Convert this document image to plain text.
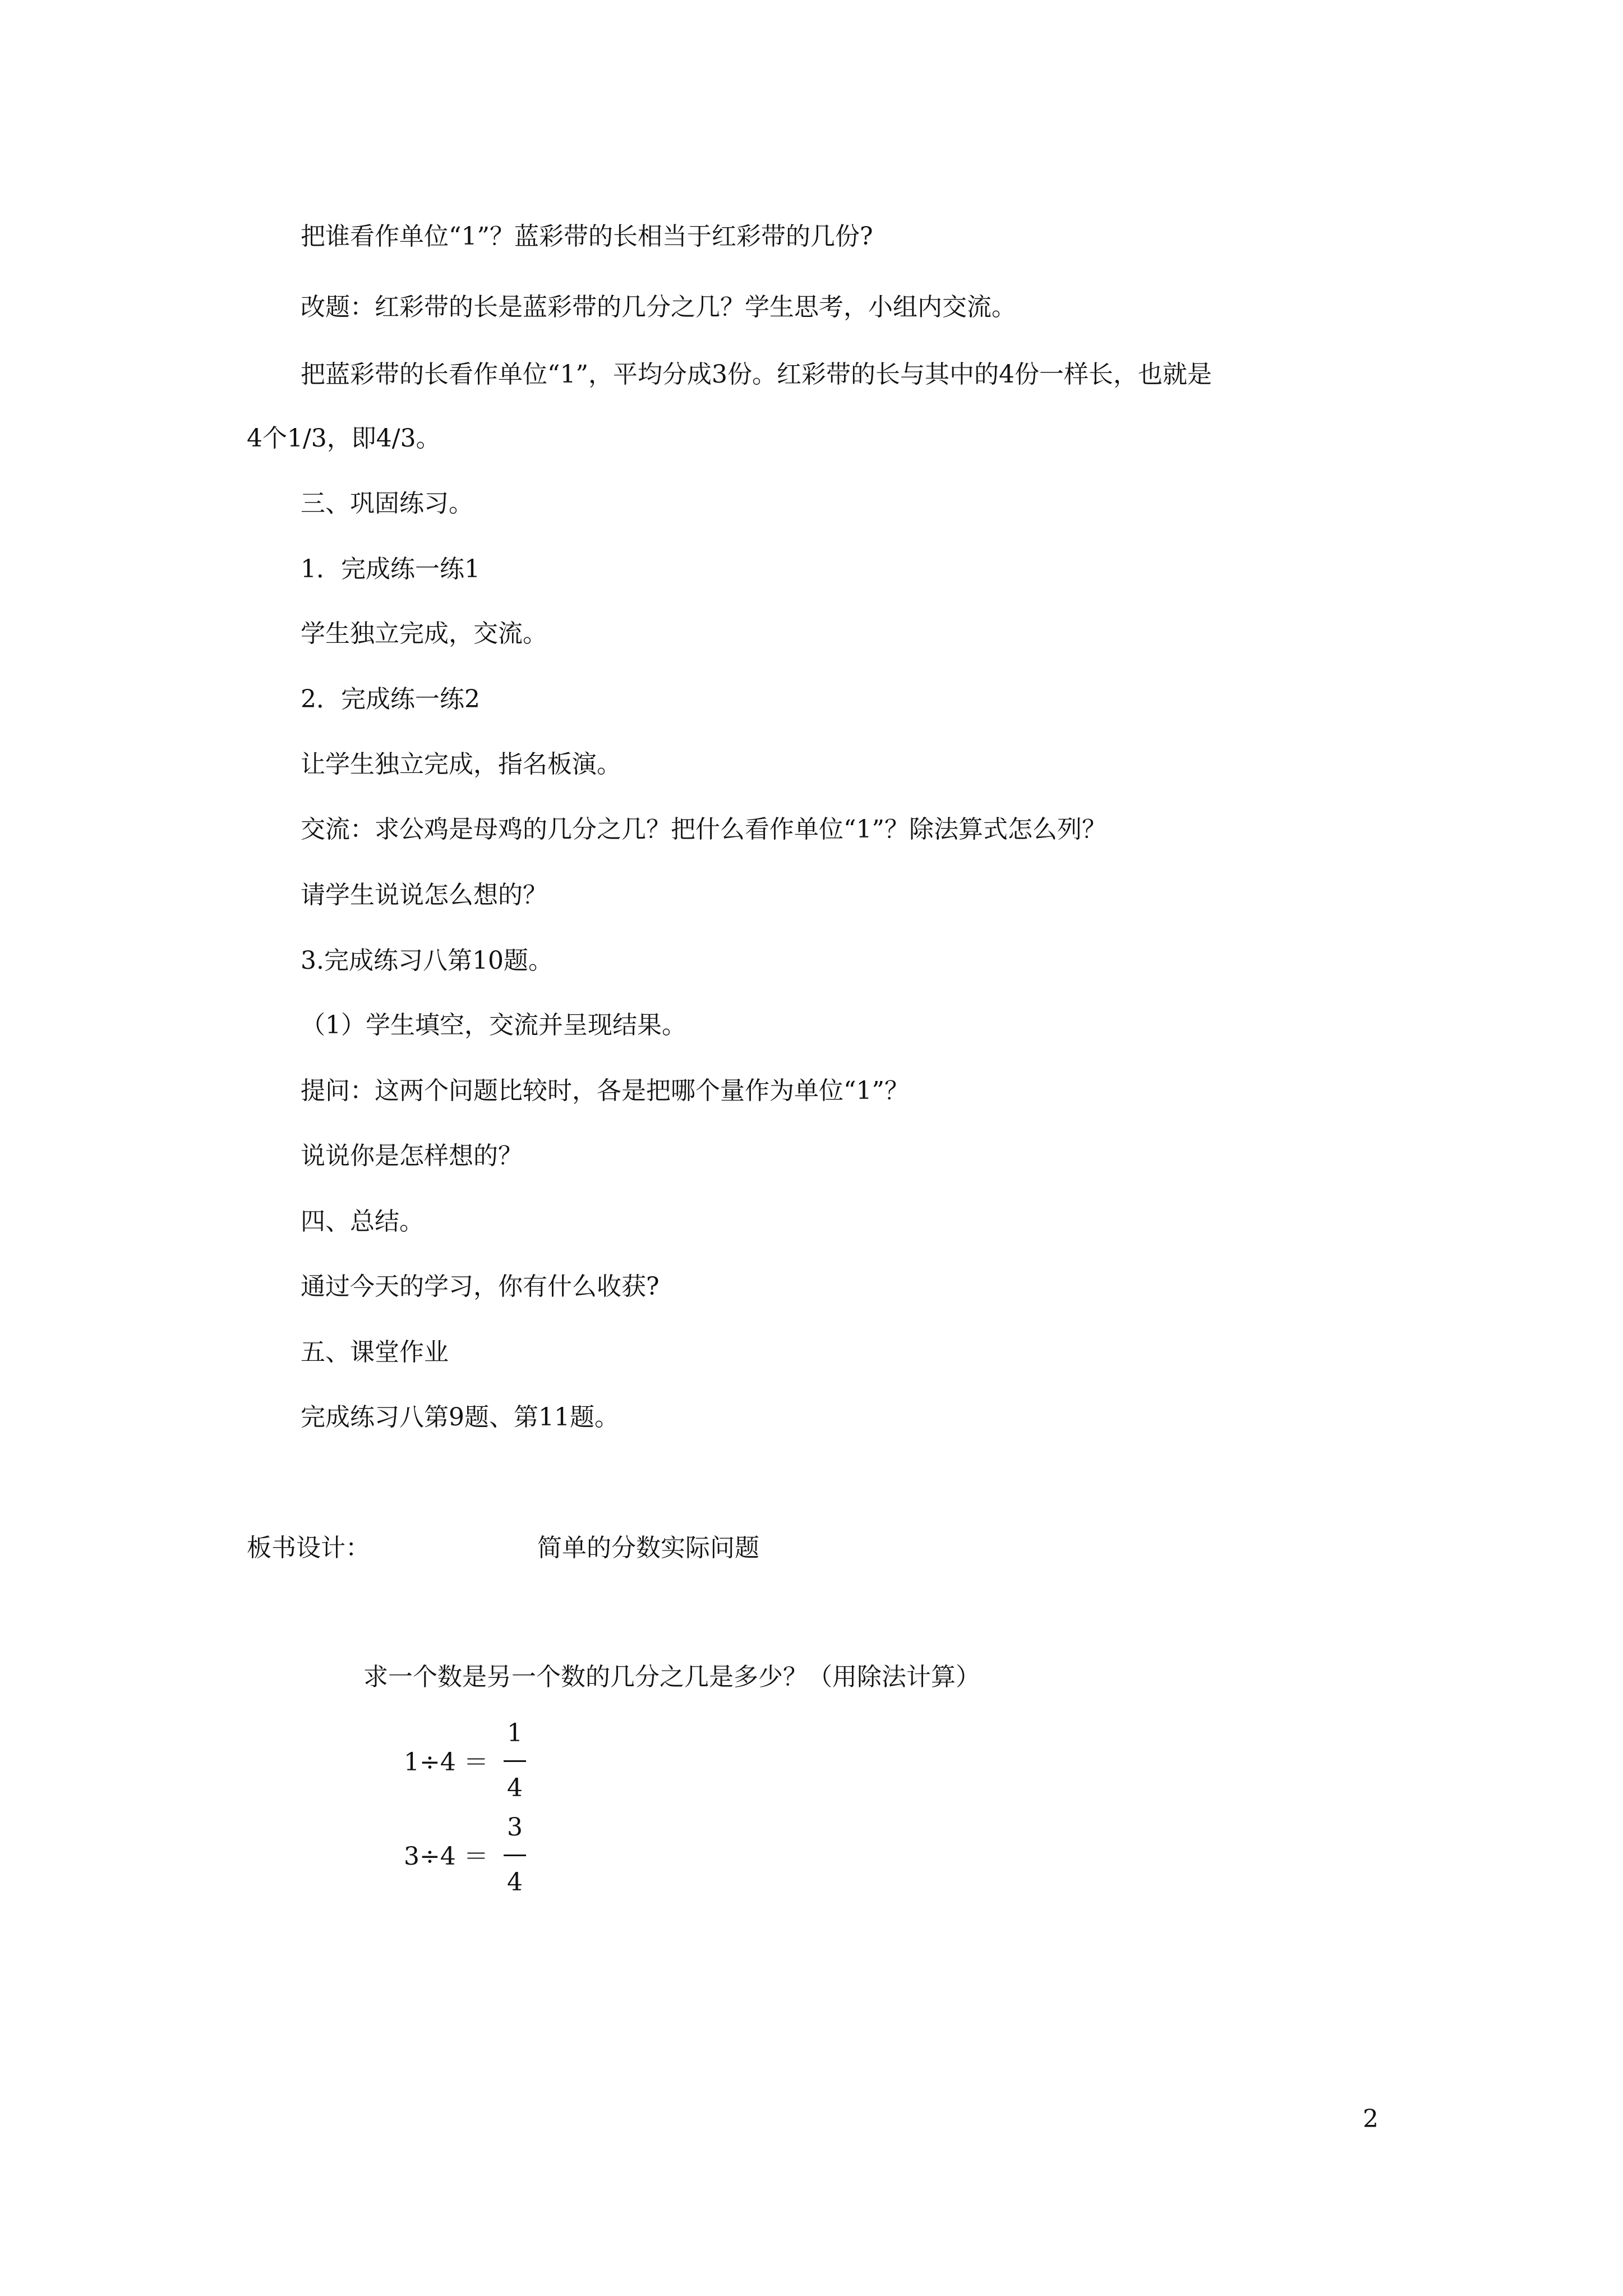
把谁看作单位“1”？蓝彩带的长相当于红彩带的几份?
改题：红彩带的长是蓝彩带的几分之几？学生思考，小组内交流。
把蓝彩带的长看作单位“1”，平均分成3份。红彩带的长与其中的4份一样长，也就是
4个1/3，即4/3。
三、巩固练习。
1．完成练一练1
学生独立完成，交流。
2．完成练一练2
让学生独立完成，指名板演。
交流：求公鸡是母鸡的几分之几？把什么看作单位“1”？除法算式怎么列？
请学生说说怎么想的？
3.完成练习八第10题。
（1）学生填空，交流并呈现结果。
提问：这两个问题比较时，各是把哪个量作为单位“1”？
说说你是怎样想的？
四、总结。
通过今天的学习，你有什么收获?
五、课堂作业
完成练习八第9题、第11题。
板书设计：	简单的分数实际问题
求一个数是另一个数的几分之几是多少？（用除法计算）
1÷4 ＝
1
4
3÷4 ＝
3
4
2
